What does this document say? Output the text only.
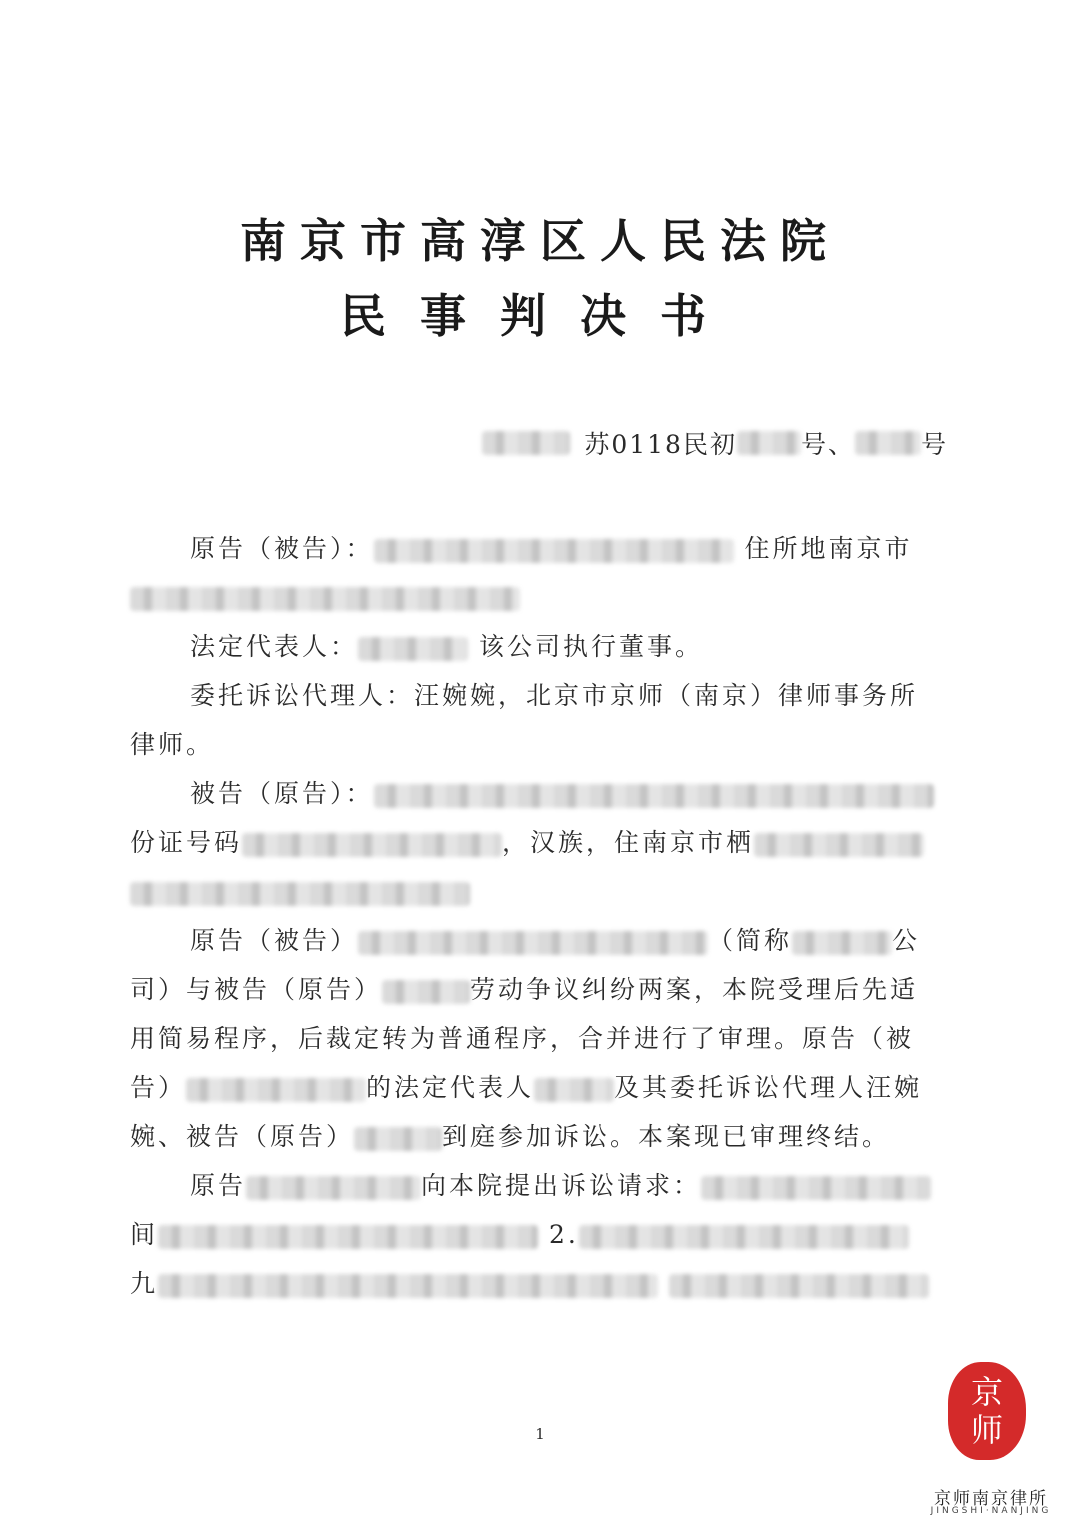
南京市高淳区人民法院
民事判决书
苏0118民初	号、	号
原告（被告）：	住所地南京市
法定代表人：	该公司执行董事。
委托诉讼代理人：汪婉婉，北京市京师（南京）律师事务所
律师。
被告（原告）：
份证号码	，汉族，住南京市栖
原告（被告）	（简称	公
司）与被告（原告）	劳动争议纠纷两案，本院受理后先适
用简易程序，后裁定转为普通程序，合并进行了审理。原告（被
告）	的法定代表人	及其委托诉讼代理人汪婉
婉、被告（原告）	到庭参加诉讼。本案现已审理终结。
原告	向本院提出诉讼请求：
间	2.
九
1
京
师
京师南京律所
JINGSHI·NANJING
